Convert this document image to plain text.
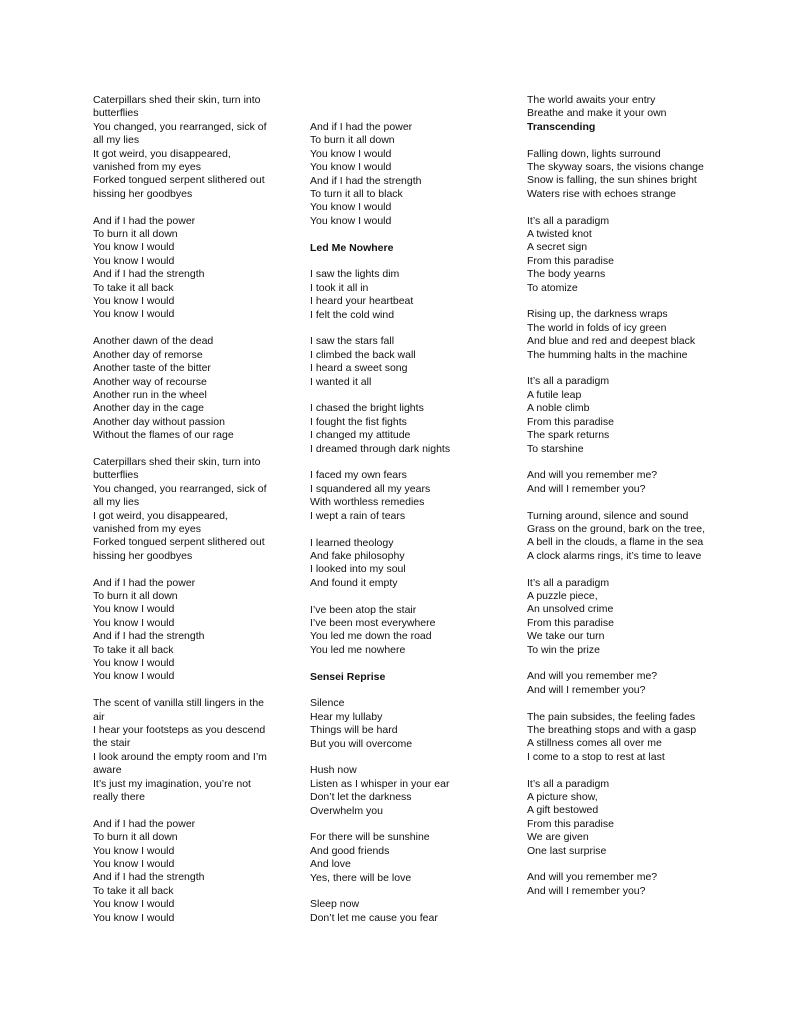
Caterpillars shed their skin, turn into butterflies
You changed, you rearranged, sick of all my lies
It got weird, you disappeared, vanished from my eyes
Forked tongued serpent slithered out hissing her goodbyes
And if I had the power
To burn it all down
You know I would
You know I would
And if I had the strength
To take it all back
You know I would
You know I would
Another dawn of the dead
Another day of remorse
Another taste of the bitter
Another way of recourse
Another run in the wheel
Another day in the cage
Another day without passion
Without the flames of our rage
Caterpillars shed their skin, turn into butterflies
You changed, you rearranged, sick of all my lies
I got weird, you disappeared, vanished from my eyes
Forked tongued serpent slithered out hissing her goodbyes
And if I had the power
To burn it all down
You know I would
You know I would
And if I had the strength
To take it all back
You know I would
You know I would
The scent of vanilla still lingers in the air
I hear your footsteps as you descend the stair
I look around the empty room and I’m aware
It’s just my imagination, you’re not really there
And if I had the power
To burn it all down
You know I would
You know I would
And if I had the strength
To take it all back
You know I would
You know I would
And if I had the power
To burn it all down
You know I would
You know I would
And if I had the strength
To turn it all to black
You know I would
You know I would
Led Me Nowhere
I saw the lights dim
I took it all in
I heard your heartbeat
I felt the cold wind
I saw the stars fall
I climbed the back wall
I heard a sweet song
I wanted it all
I chased the bright lights
I fought the fist fights
I changed my attitude
I dreamed through dark nights
I faced my own fears
I squandered all my years
With worthless remedies
I wept a rain of tears
I learned theology
And fake philosophy
I looked into my soul
And found it empty
I’ve been atop the stair
I’ve been most everywhere
You led me down the road
You led me nowhere
Sensei Reprise
Silence
Hear my lullaby
Things will be hard
But you will overcome
Hush now
Listen as I whisper in your ear
Don’t let the darkness
Overwhelm you
For there will be sunshine
And good friends
And love
Yes, there will be love
Sleep now
Don’t let me cause you fear
The world awaits your entry
Breathe and make it your own
Transcending
Falling down, lights surround
The skyway soars, the visions change
Snow is falling, the sun shines bright
Waters rise with echoes strange
It’s all a paradigm
A twisted knot
A secret sign
From this paradise
The body yearns
To atomize
Rising up, the darkness wraps
The world in folds of icy green
And blue and red and deepest black
The humming halts in the machine
It’s all a paradigm
A futile leap
A noble climb
From this paradise
The spark returns
To starshine
And will you remember me?
And will I remember you?
Turning around, silence and sound
Grass on the ground, bark on the tree,
A bell in the clouds, a flame in the sea
A clock alarms rings, it’s time to leave
It’s all a paradigm
A puzzle piece,
An unsolved crime
From this paradise
We take our turn
To win the prize
And will you remember me?
And will I remember you?
The pain subsides, the feeling fades
The breathing stops and with a gasp
A stillness comes all over me
I come to a stop to rest at last
It’s all a paradigm
A picture show,
A gift bestowed
From this paradise
We are given
One last surprise
And will you remember me?
And will I remember you?
